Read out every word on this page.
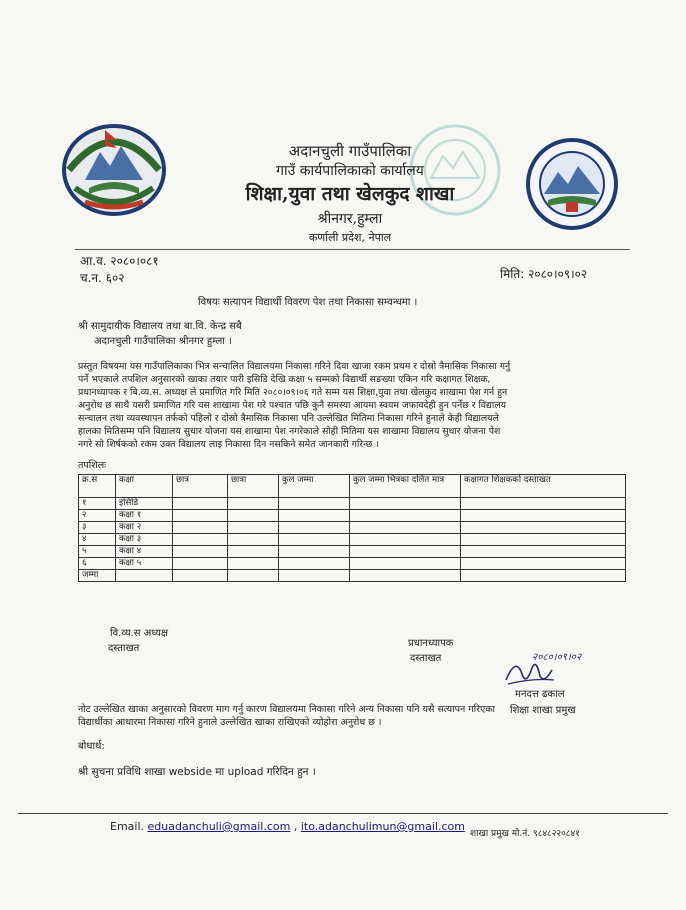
अदानचुली गाउँपालिका
गाउँ कार्यपालिकाको कार्यालय
शिक्षा,युवा तथा खेलकुद शाखा
श्रीनगर,हुम्ला
कर्णाली प्रदेश, नेपाल
आ.व. २०८०।०८१
च.न. ६०२	मिति: २०८०।०९।०२
विषयः सत्यापन विद्यार्थी विवरण पेश तथा निकासा सम्वन्धमा ।
श्री सामुदायीक विद्यालय तथा बा.वि. केन्द्र सबै
अदानचुली गाउँपालिका श्रीनगर हुम्ला ।
प्रस्तुत विषयमा यस गाउँपालिकाका भित्र सन्चालित विद्यालयमा निकासा गरिने दिवा खाजा रकम प्रथम र दोस्रो त्रैमासिक निकासा गर्नु
पर्ने भएकाले तपशिल अनुसारको खाका तयार पारी इसिडि देखि कक्षा ५ सम्मको विद्यार्थी सङख्या एकिन गरि कक्षागत शिक्षक,
प्रधानध्यापक र बि.व्य.स. अध्यक्ष ले प्रमाणित गरि मिति २०८०।०९।०६ गते सम्म यस शिक्षा,युवा तथा खेलकुद शाखामा पेश गर्न हुन
अनुरोध छ साथै यसरी प्रमाणित गरि यस शाखामा पेश गरे पश्चात पछि कुनै समस्या आयमा स्वयम जफावदेही हुन पर्नेछ र विद्यालय
सन्चालन तथा व्यवस्थापन तर्फको पहिलो र दोस्रो त्रैमासिक निकासा पनि उल्लेखित मितिमा निकासा गरिने हुनाले केही विद्यालयले
हालका मितिसम्म पनि विद्यालय सुधार योजना यस शाखामा पेश नगरेकाले सोही मितिमा यस शाखामा विद्यालय सुधार योजना पेश
नगरे सो शिर्षकको रकम उक्त विद्यालय लाइ निकासा दिन नसकिने समेत जानकारी गरिन्छ ।
तपशिलः
क्र.स	कक्षा	छात्र	छात्रा	कुल जम्मा	कुल जम्मा भित्रका दलित मात्र	कक्षागत शिक्षकको दस्ताखत
१	इसिडि					
२	कक्षा १					
३	कक्षा २					
४	कक्षा ३					
५	कक्षा ४					
६	कक्षा ५					
जम्मा						
वि.व्य.स अध्यक्ष
दस्ताखत	प्रधानध्यापक
दस्ताखत	२०८०।०९।०२
मनदत्त ढकाल
शिक्षा शाखा प्रमुख
नोट उल्लेखित खाका अनुसारको विवरण माग गर्नु कारण विद्यालयमा निकासा गरिने अन्य निकासा पनि यसै सत्यापन गरिएका
विद्यार्थीका आधारमा निकासा गरिने हुनाले उल्लेखित खाका राखिएको व्योहोरा अनुरोध छ ।
बोधार्थ:
श्री सुचना प्रविधि शाखा webside मा upload गरिदिन हुन ।
Email. eduadanchuli@gmail.com , ito.adanchulimun@gmail.com
शाखा प्रमुख मो.नं. ९८४८२२०८४१
